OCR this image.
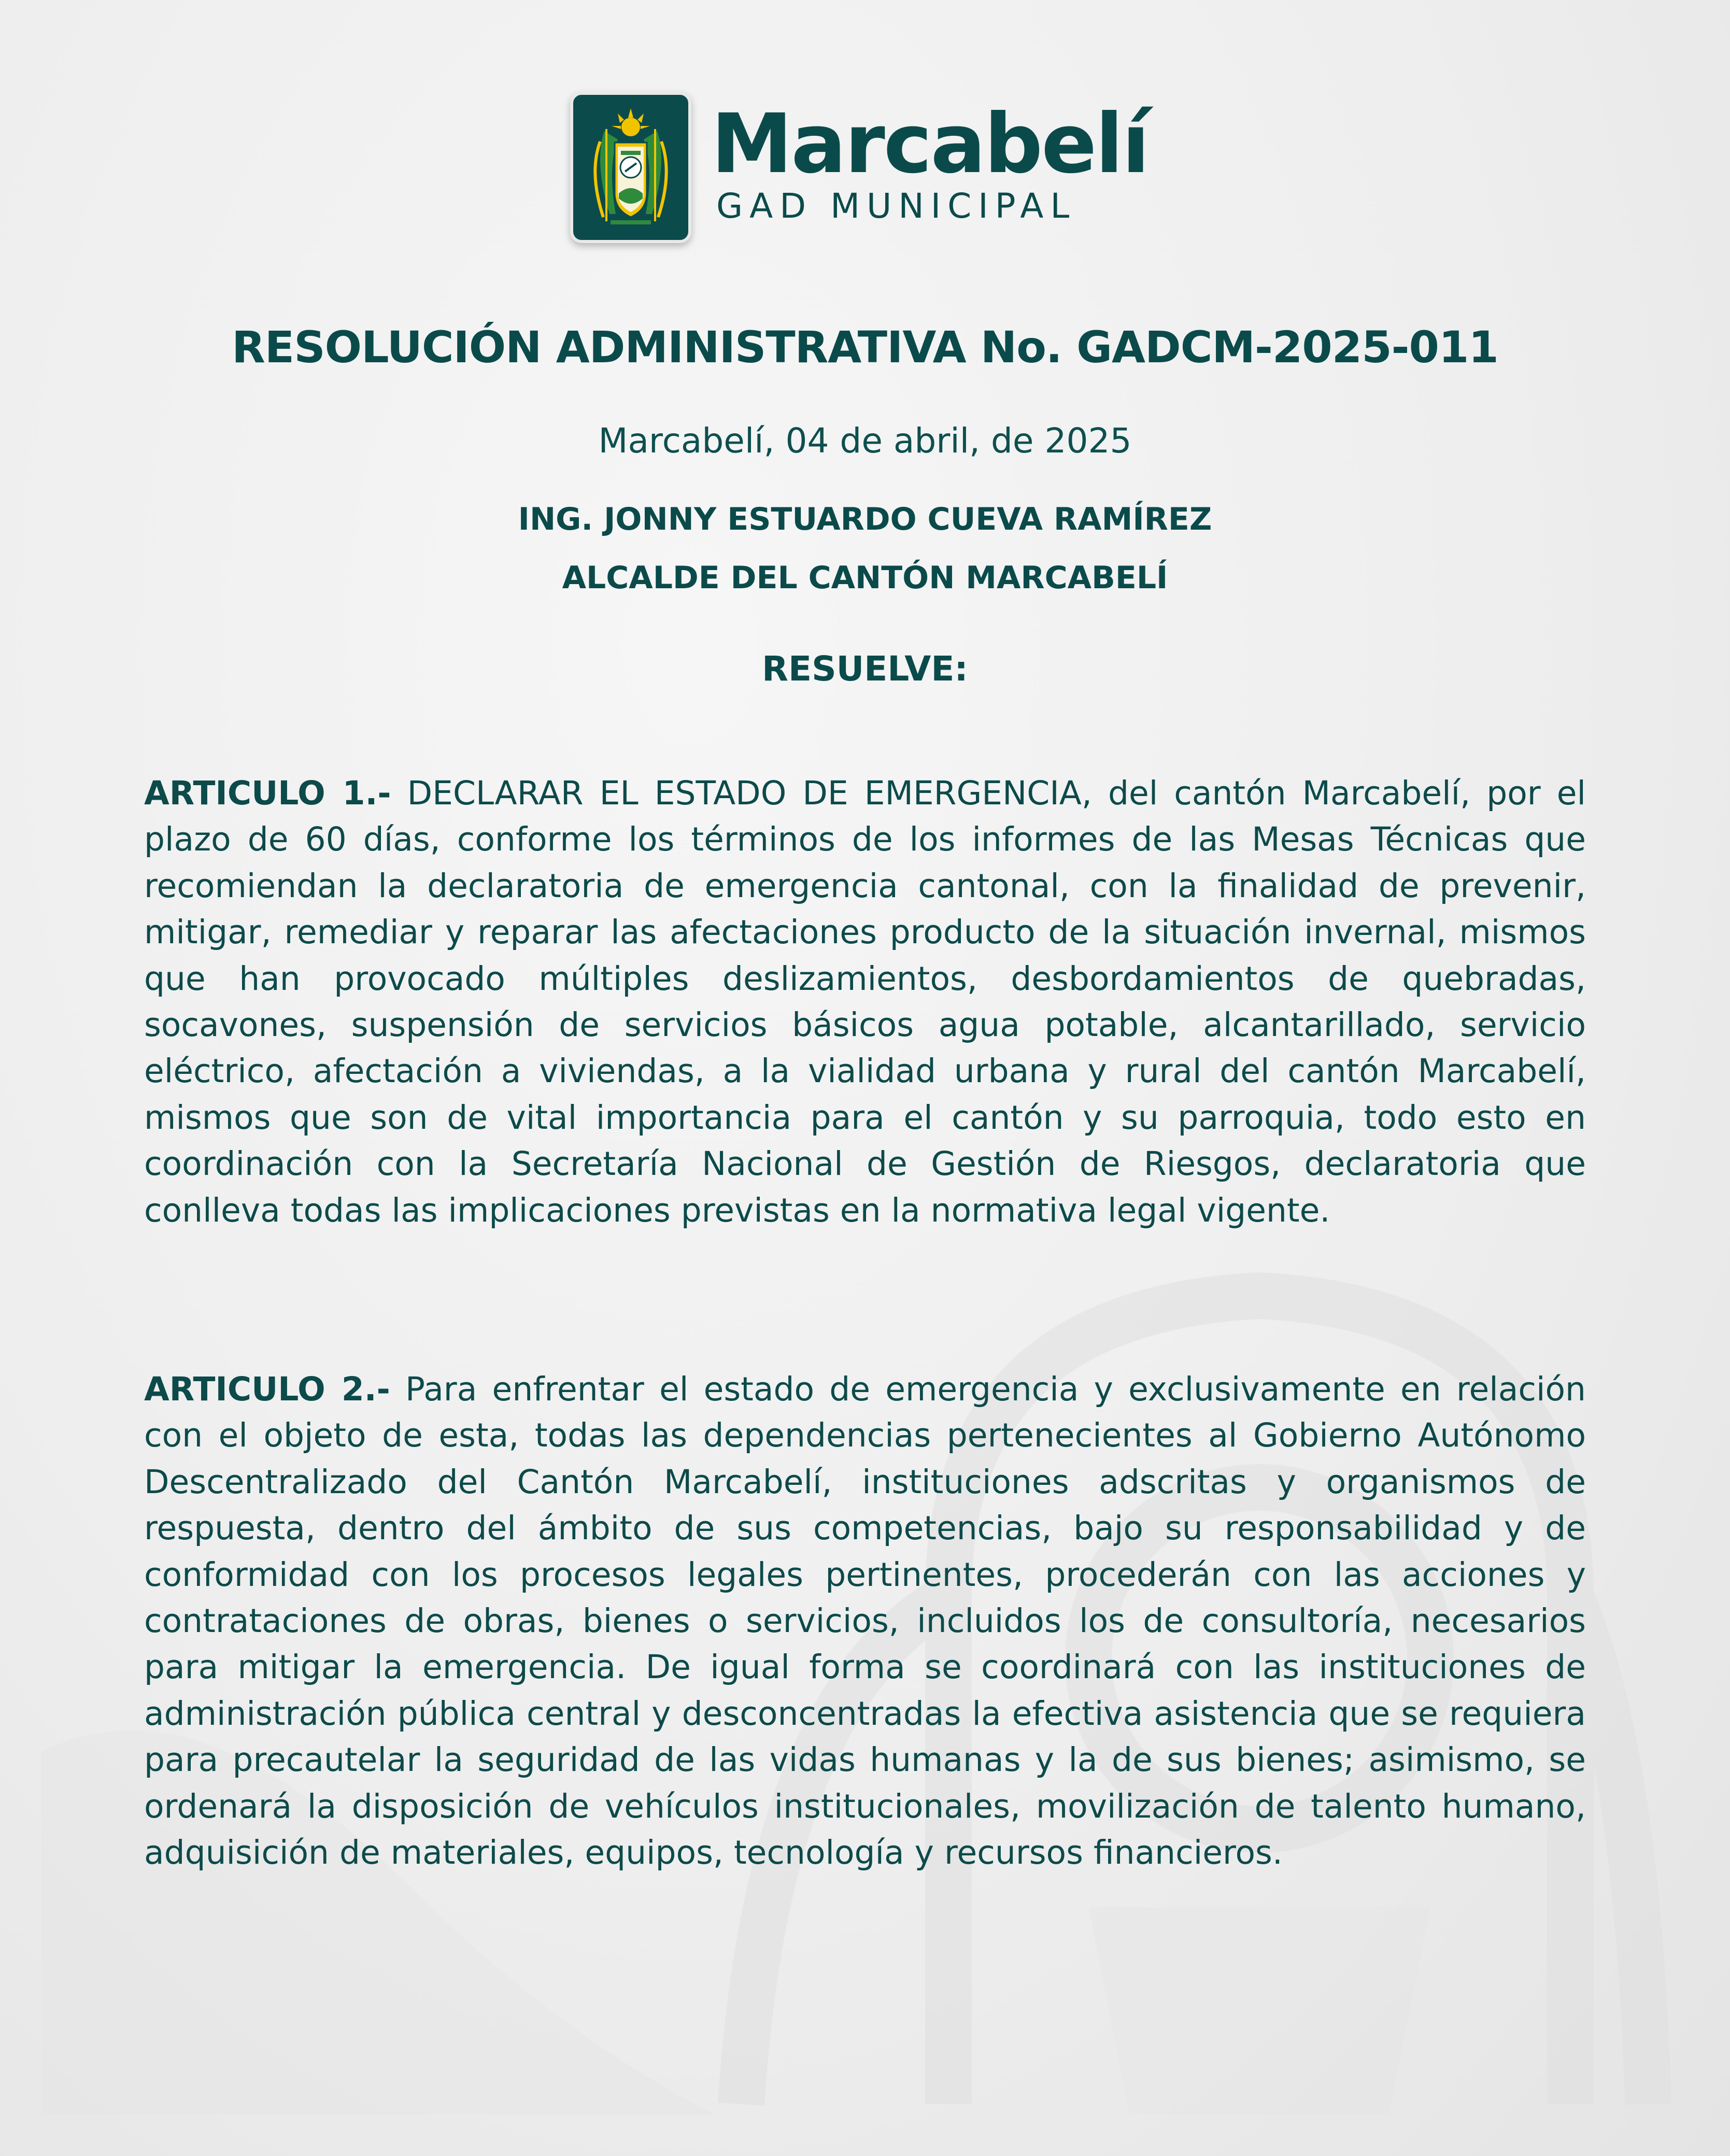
Marcabelí
GAD MUNICIPAL
RESOLUCIÓN ADMINISTRATIVA No. GADCM-2025-011
Marcabelí, 04 de abril, de 2025
ING. JONNY ESTUARDO CUEVA RAMÍREZ
ALCALDE DEL CANTÓN MARCABELÍ
RESUELVE:

ARTICULO 1.- DECLARAR EL ESTADO DE EMERGENCIA, del cantón Marcabelí, por el plazo de 60 días, conforme los términos de los informes de las Mesas Técnicas que recomiendan la declaratoria de emergencia cantonal, con la finalidad de prevenir, mitigar, remediar y reparar las afectaciones producto de la situación invernal, mismos que han provocado múltiples deslizamientos, desbordamientos de quebradas, socavones, suspensión de servicios básicos agua potable, alcantarillado, servicio eléctrico, afectación a viviendas, a la vialidad urbana y rural del cantón Marcabelí, mismos que son de vital importancia para el cantón y su parroquia, todo esto en coordinación con la Secretaría Nacional de Gestión de Riesgos, declaratoria que conlleva todas las implicaciones previstas en la normativa legal vigente.

ARTICULO 2.- Para enfrentar el estado de emergencia y exclusivamente en relación con el objeto de esta, todas las dependencias pertenecientes al Gobierno Autónomo Descentralizado del Cantón Marcabelí, instituciones adscritas y organismos de respuesta, dentro del ámbito de sus competencias, bajo su responsabilidad y de conformidad con los procesos legales pertinentes, procederán con las acciones y contrataciones de obras, bienes o servicios, incluidos los de consultoría, necesarios para mitigar la emergencia. De igual forma se coordinará con las instituciones de administración pública central y desconcentradas la efectiva asistencia que se requiera para precautelar la seguridad de las vidas humanas y la de sus bienes; asimismo, se ordenará la disposición de vehículos institucionales, movilización de talento humano, adquisición de materiales, equipos, tecnología y recursos financieros.
